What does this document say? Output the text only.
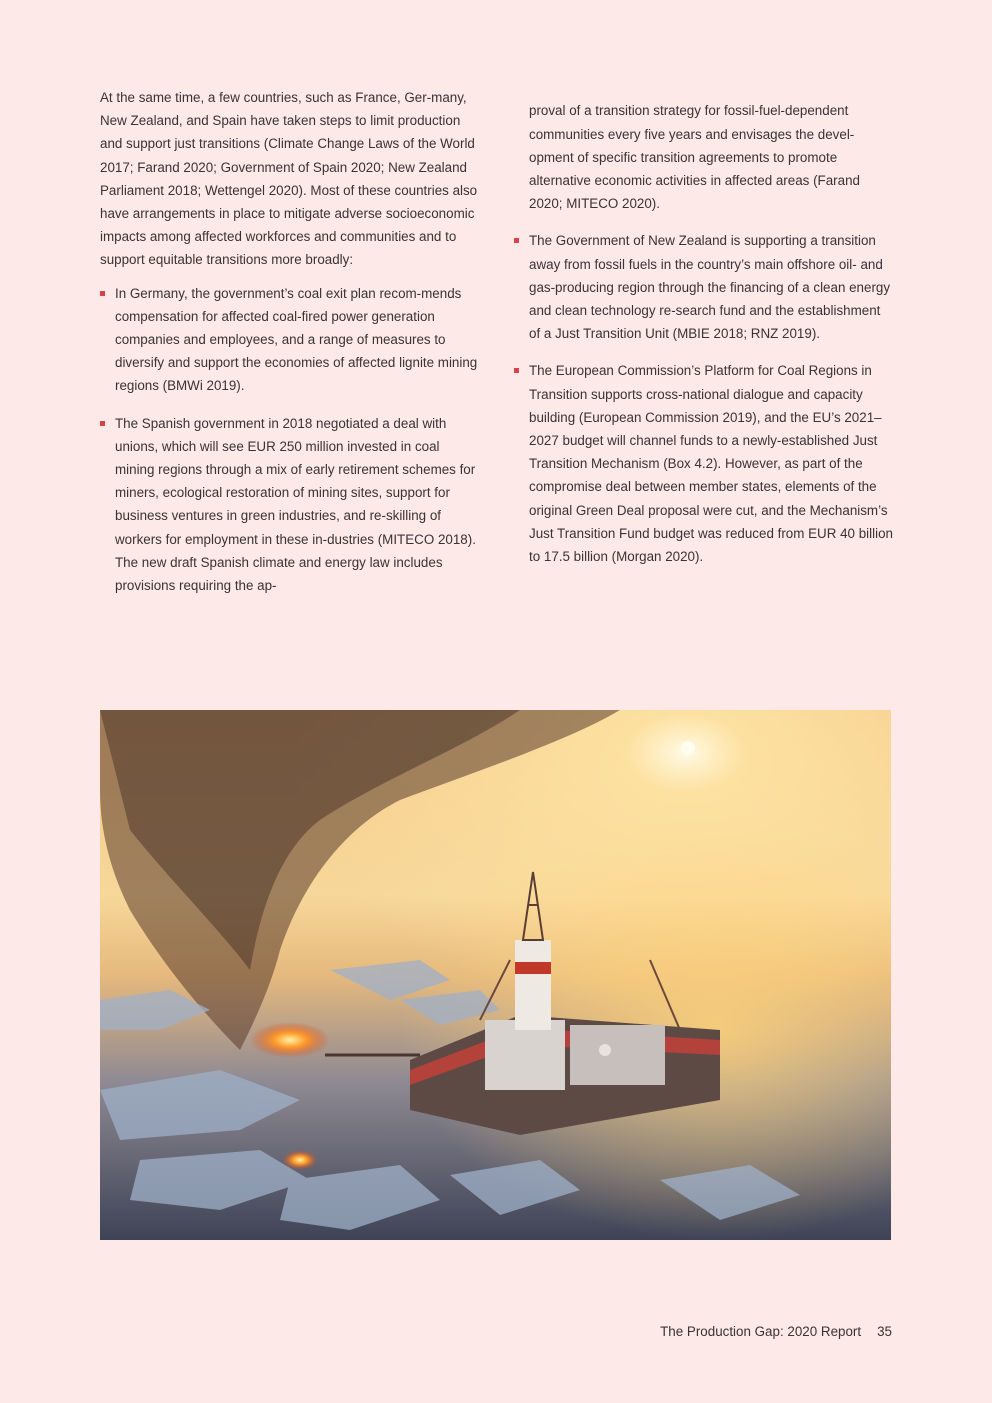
At the same time, a few countries, such as France, Ger-many, New Zealand, and Spain have taken steps to limit production and support just transitions (Climate Change Laws of the World 2017; Farand 2020; Government of Spain 2020; New Zealand Parliament 2018; Wettengel 2020). Most of these countries also have arrangements in place to mitigate adverse socioeconomic impacts among affected workforces and communities and to support equitable transitions more broadly:

In Germany, the government’s coal exit plan recom-mends compensation for affected coal-fired power generation companies and employees, and a range of measures to diversify and support the economies of affected lignite mining regions (BMWi 2019).
The Spanish government in 2018 negotiated a deal with unions, which will see EUR 250 million invested in coal mining regions through a mix of early retirement schemes for miners, ecological restoration of mining sites, support for business ventures in green industries, and re-skilling of workers for employment in these in-dustries (MITECO 2018). The new draft Spanish climate and energy law includes provisions requiring the ap-

proval of a transition strategy for fossil-fuel-dependent communities every five years and envisages the devel-opment of specific transition agreements to promote alternative economic activities in affected areas (Farand 2020; MITECO 2020).

The Government of New Zealand is supporting a transition away from fossil fuels in the country’s main offshore oil- and gas-producing region through the financing of a clean energy and clean technology re-search fund and the establishment of a Just Transition Unit (MBIE 2018; RNZ 2019).
The European Commission’s Platform for Coal Regions in Transition supports cross-national dialogue and capacity building (European Commission 2019), and the EU’s 2021–2027 budget will channel funds to a newly-established Just Transition Mechanism (Box 4.2). However, as part of the compromise deal between member states, elements of the original Green Deal proposal were cut, and the Mechanism’s Just Transition Fund budget was reduced from EUR 40 billion to 17.5 billion (Morgan 2020).
The Production Gap: 2020 Report 35
